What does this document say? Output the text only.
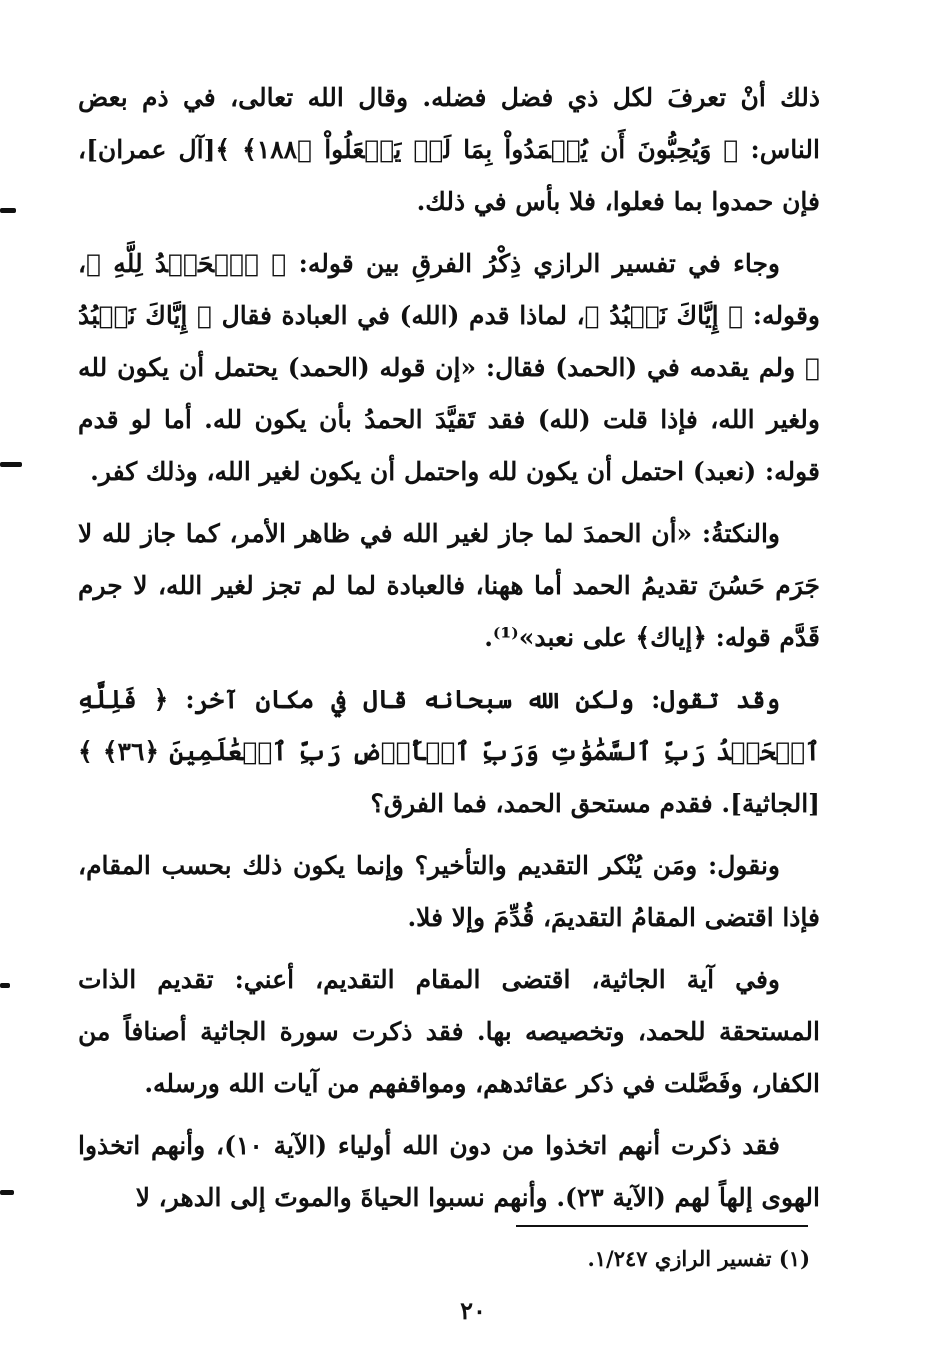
ذلك أنْ تعرفَ لكل ذي فضل فضله. وقال الله تعالى، في ذم بعض الناس: ﴿ وَيُحِبُّونَ أَن يُحۡمَدُواْ بِمَا لَمۡ يَفۡعَلُواْ ﴿١٨٨﴾ ﴾[آل عمران]، فإن حمدوا بما فعلوا، فلا بأس في ذلك.

وجاء في تفسير الرازي ذِكْرُ الفرقِ بين قوله: ﴿ ٱلۡحَمۡدُ لِلَّهِ ﴾، وقوله: ﴿ إِيَّاكَ نَعۡبُدُ ﴾، لماذا قدم (الله) في العبادة فقال ﴿ إِيَّاكَ نَعۡبُدُ ﴾ ولم يقدمه في (الحمد) فقال: «إن قوله (الحمد) يحتمل أن يكون لله ولغير الله، فإذا قلت (لله) فقد تَقيَّدَ الحمدُ بأن يكون لله. أما لو قدم قوله: (نعبد) احتمل أن يكون لله واحتمل أن يكون لغير الله، وذلك كفر.

والنكتةُ: «أن الحمدَ لما جاز لغير الله في ظاهر الأمر، كما جاز لله لا جَرَم حَسُنَ تقديمُ الحمد أما ههنا، فالعبادة لما لم تجز لغير الله، لا جرم قَدَّم قوله: ﴿إياك﴾ على نعبد»⁽¹⁾.

وقد تقول: ولكن الله سبحانه قال في مكان آخر: ﴿ فَلِلَّهِ ٱلۡحَمۡدُ رَبِّ ٱلسَّمَٰوَٰتِ وَرَبِّ ٱلۡأَرۡضِ رَبِّ ٱلۡعَٰلَمِينَ ﴿٣٦﴾ ﴾[الجاثية]. فقدم مستحق الحمد، فما الفرق؟

ونقول: ومَن يُنْكر التقديم والتأخير؟ وإنما يكون ذلك بحسب المقام، فإذا اقتضى المقامُ التقديمَ، قُدِّمَ وإلا فلا.

وفي آية الجاثية، اقتضى المقام التقديم، أعني: تقديم الذات المستحقة للحمد، وتخصيصه بها. فقد ذكرت سورة الجاثية أصنافاً من الكفار، وفَصَّلت في ذكر عقائدهم، ومواقفهم من آيات الله ورسله.

فقد ذكرت أنهم اتخذوا من دون الله أولياء (الآية ١٠)، وأنهم اتخذوا الهوى إلهاً لهم (الآية ٢٣). وأنهم نسبوا الحياةَ والموتَ إلى الدهر، لا

(١) تفسير الرازي ١/٢٤٧.
٢٠
